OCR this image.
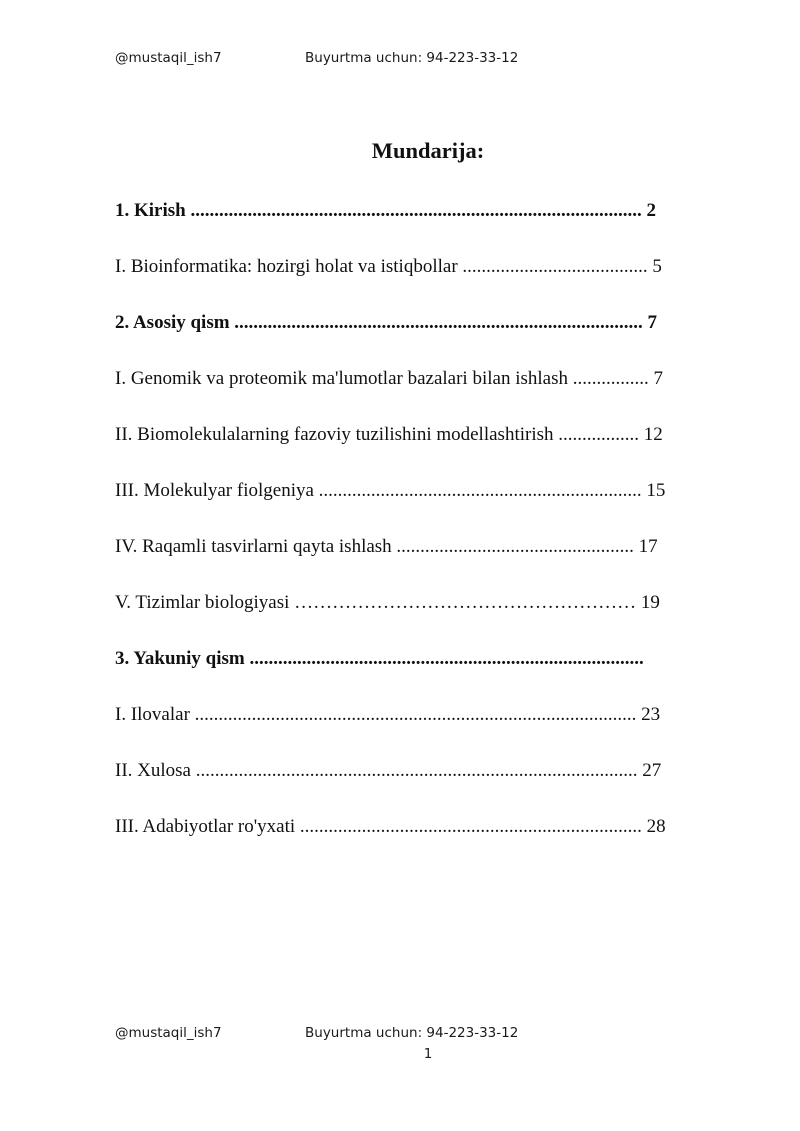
@mustaqil_ish7	Buyurtma uchun: 94-223-33-12
Mundarija:
1. Kirish ............................................................................................... 2
I. Bioinformatika: hozirgi holat va istiqbollar ....................................... 5
2. Asosiy qism ...................................................................................... 7
I. Genomik va proteomik ma'lumotlar bazalari bilan ishlash ................ 7
II. Biomolekulalarning fazoviy tuzilishini modellashtirish ................. 12
III. Molekulyar fiolgeniya .................................................................... 15
IV. Raqamli tasvirlarni qayta ishlash .................................................. 17
V. Tizimlar biologiyasi ……………………………………………… 19
3. Yakuniy qism ...................................................................................
I. Ilovalar ............................................................................................. 23
II. Xulosa ............................................................................................. 27
III. Adabiyotlar ro'yxati ........................................................................ 28
@mustaqil_ish7	Buyurtma uchun: 94-223-33-12
1
